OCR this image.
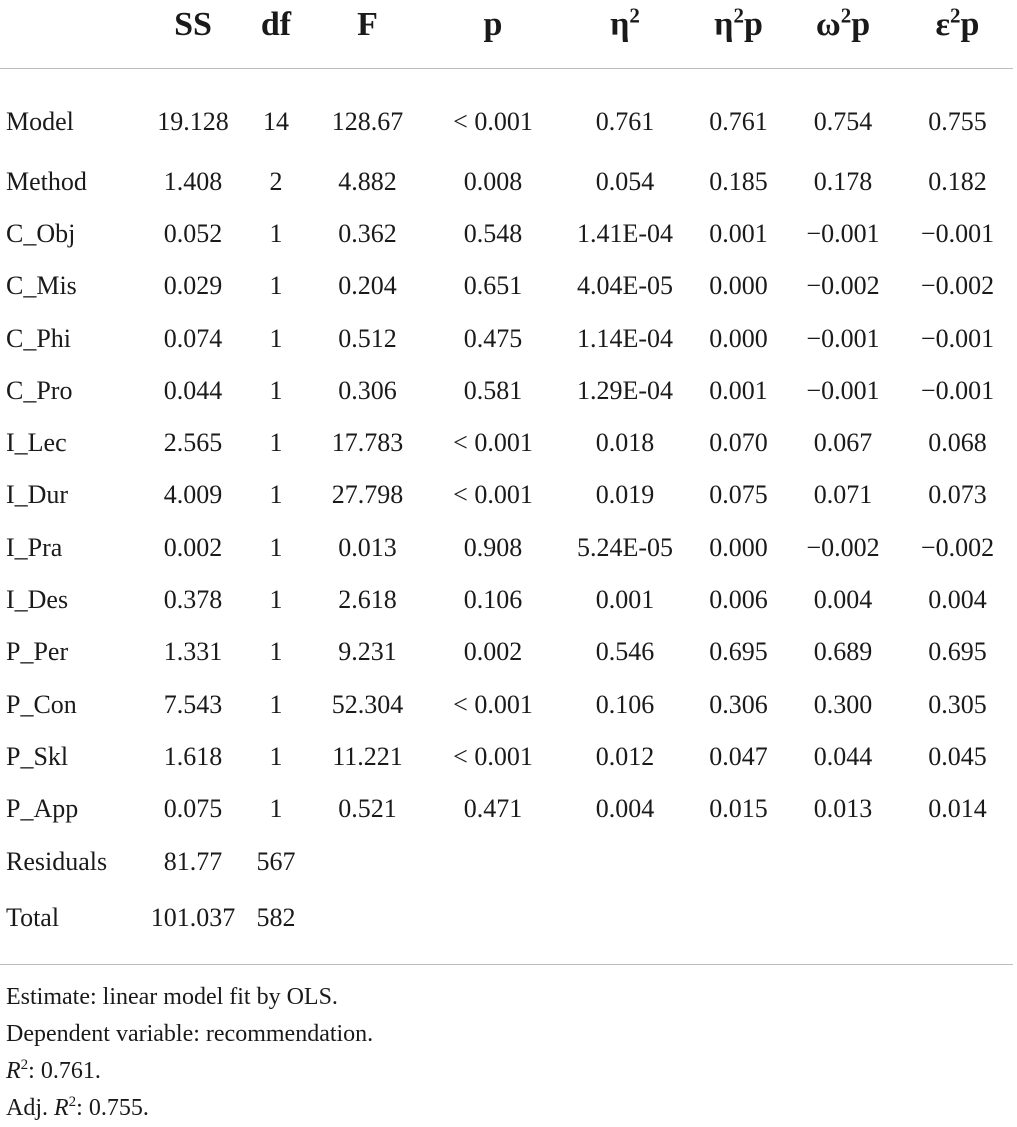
	SS	df	F	p	$\eta^2$	$\eta^2p$	$\omega^2p$	$\varepsilon^2p$
Model	19.128	14	128.67	< 0.001	0.761	0.761	0.754	0.755
Method	1.408	2	4.882	0.008	0.054	0.185	0.178	0.182
C_Obj	0.052	1	0.362	0.548	1.41E-04	0.001	−0.001	−0.001
C_Mis	0.029	1	0.204	0.651	4.04E-05	0.000	−0.002	−0.002
C_Phi	0.074	1	0.512	0.475	1.14E-04	0.000	−0.001	−0.001
C_Pro	0.044	1	0.306	0.581	1.29E-04	0.001	−0.001	−0.001
I_Lec	2.565	1	17.783	< 0.001	0.018	0.070	0.067	0.068
I_Dur	4.009	1	27.798	< 0.001	0.019	0.075	0.071	0.073
I_Pra	0.002	1	0.013	0.908	5.24E-05	0.000	−0.002	−0.002
I_Des	0.378	1	2.618	0.106	0.001	0.006	0.004	0.004
P_Per	1.331	1	9.231	0.002	0.546	0.695	0.689	0.695
P_Con	7.543	1	52.304	< 0.001	0.106	0.306	0.300	0.305
P_Skl	1.618	1	11.221	< 0.001	0.012	0.047	0.044	0.045
P_App	0.075	1	0.521	0.471	0.004	0.015	0.013	0.014
Residuals	81.77	567						
Total	101.037	582						

Estimate: linear model fit by OLS.

Dependent variable: recommendation.

$R^2$: 0.761.

Adj. $R^2$: 0.755.
